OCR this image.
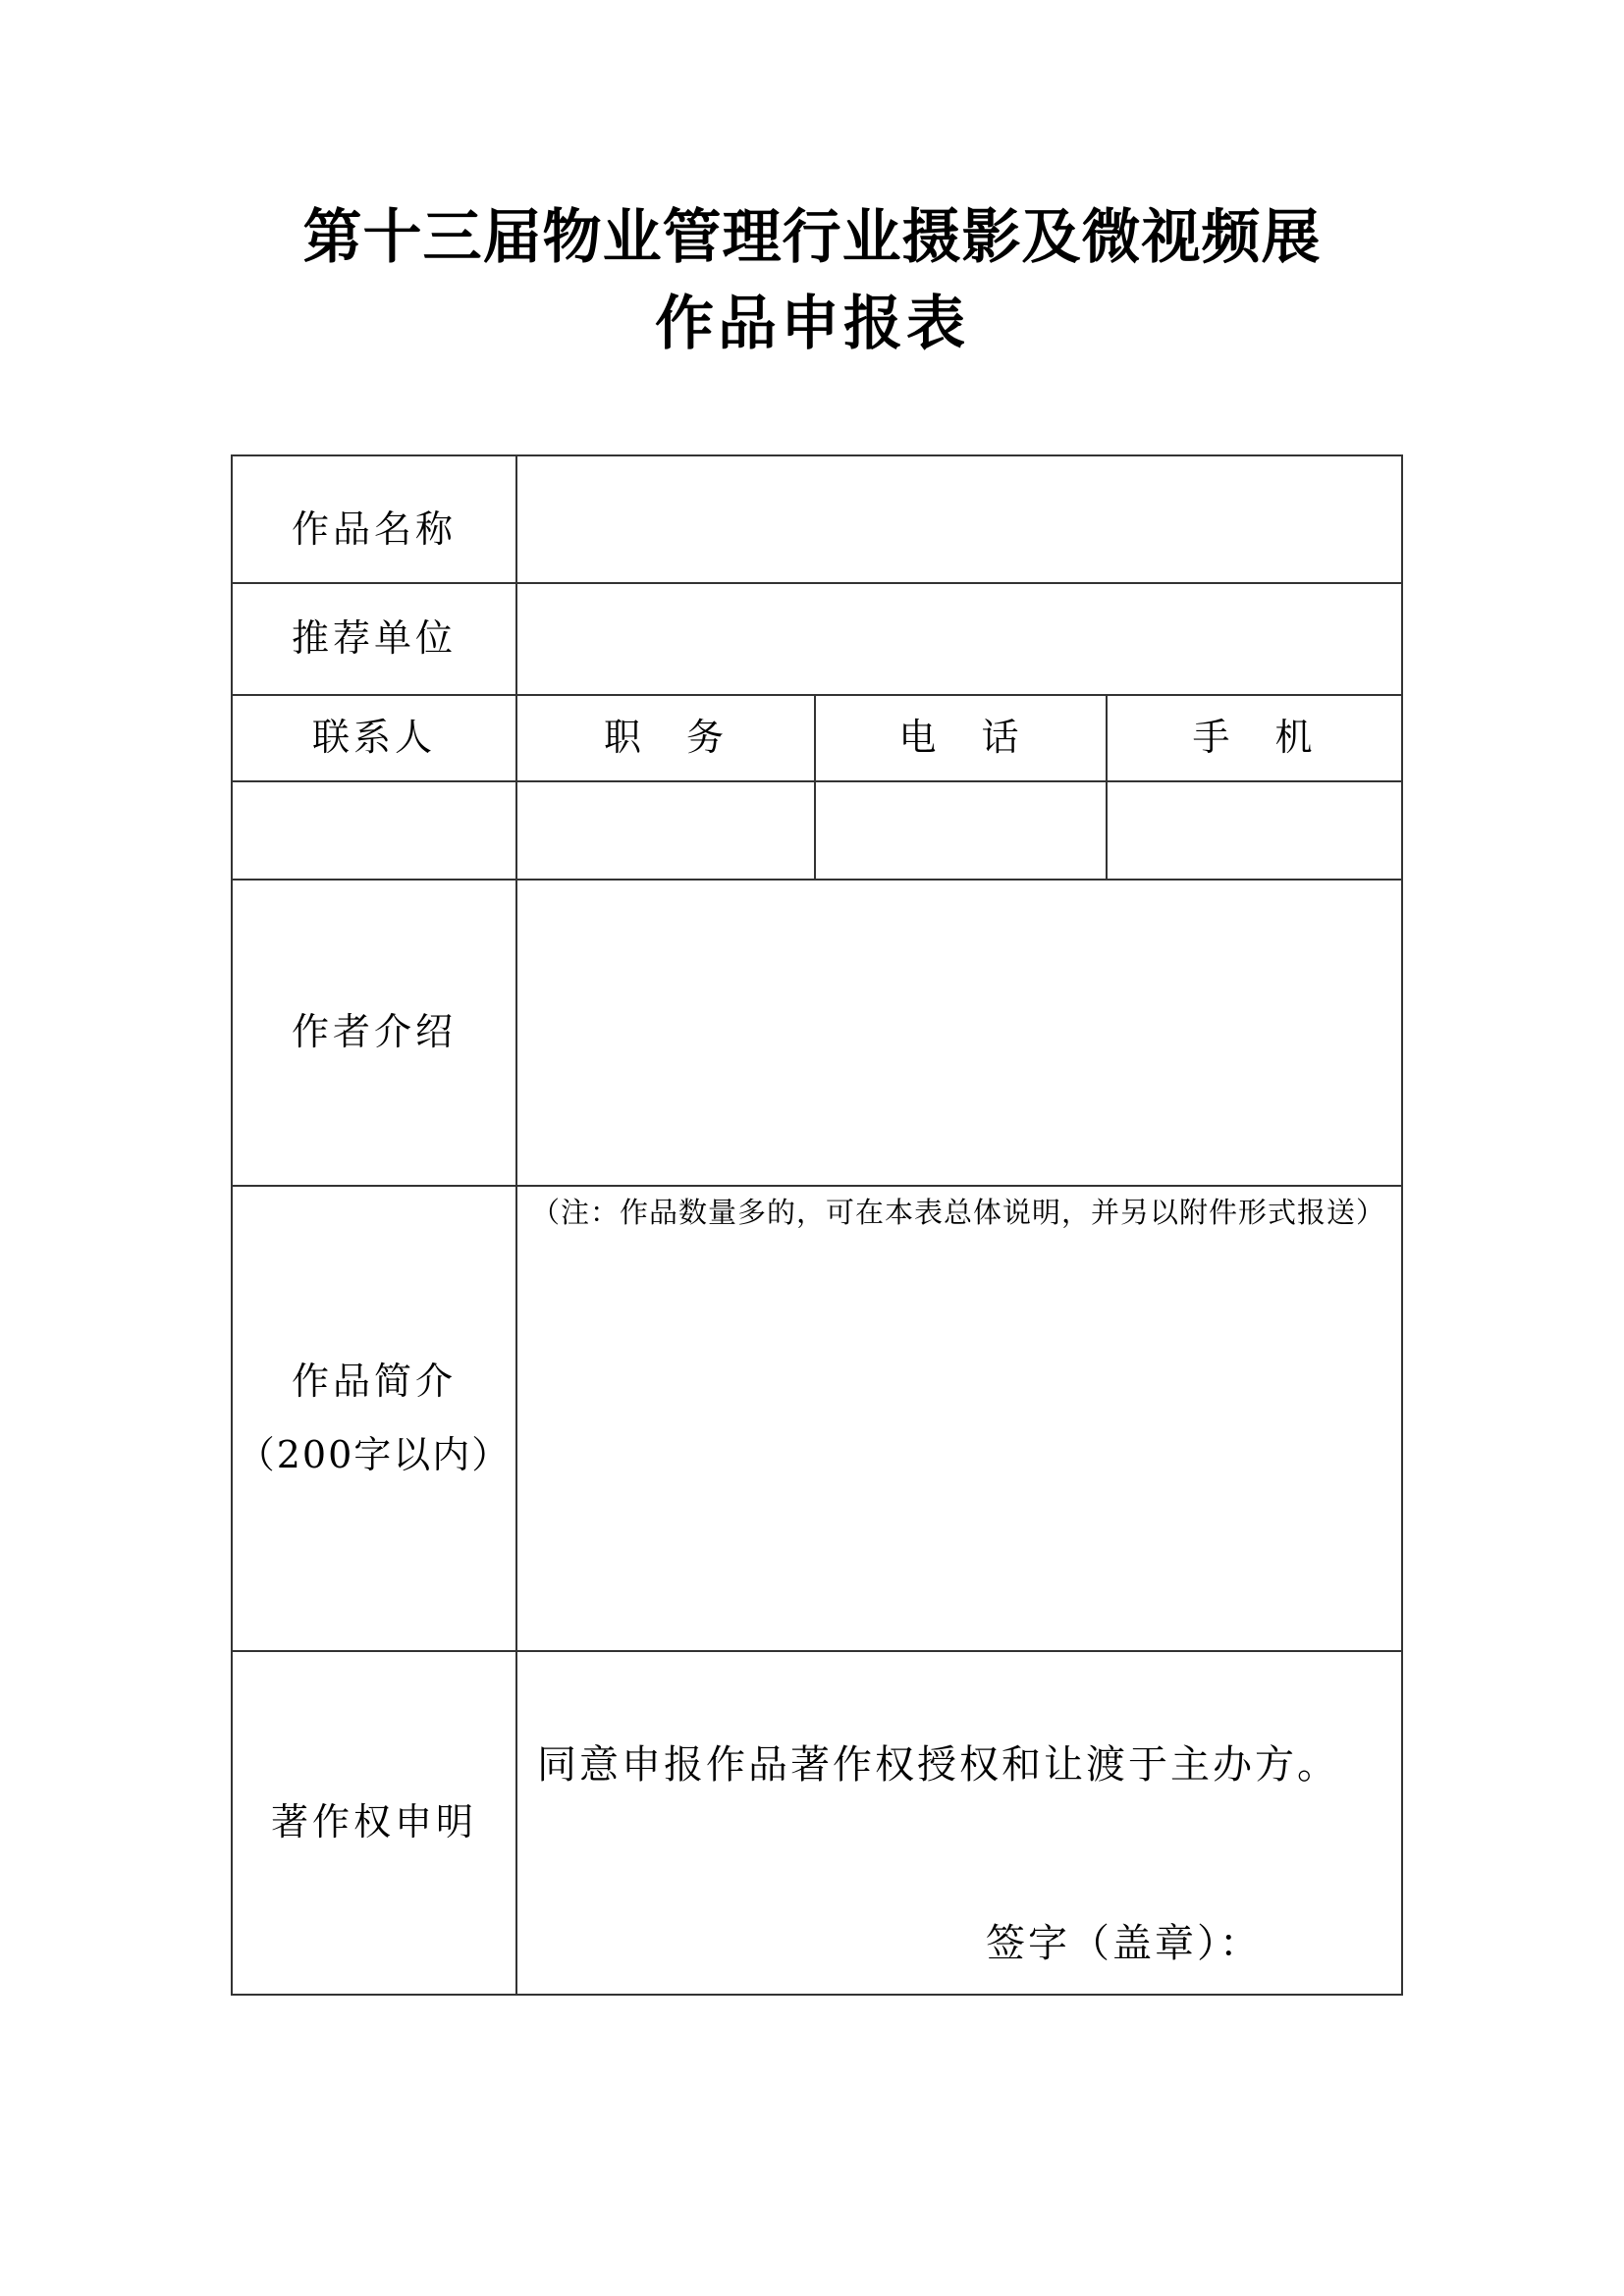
第十三届物业管理行业摄影及微视频展
作品申报表
作品名称			
推荐单位			
联系人	职　务	电　话	手　机

作者介绍			
作品简介
（200字以内）	（注：作品数量多的，可在本表总体说明，并另以附件形式报送）		

著作权申明	同意申报作品著作权授权和让渡于主办方。
签字（盖章）：		
